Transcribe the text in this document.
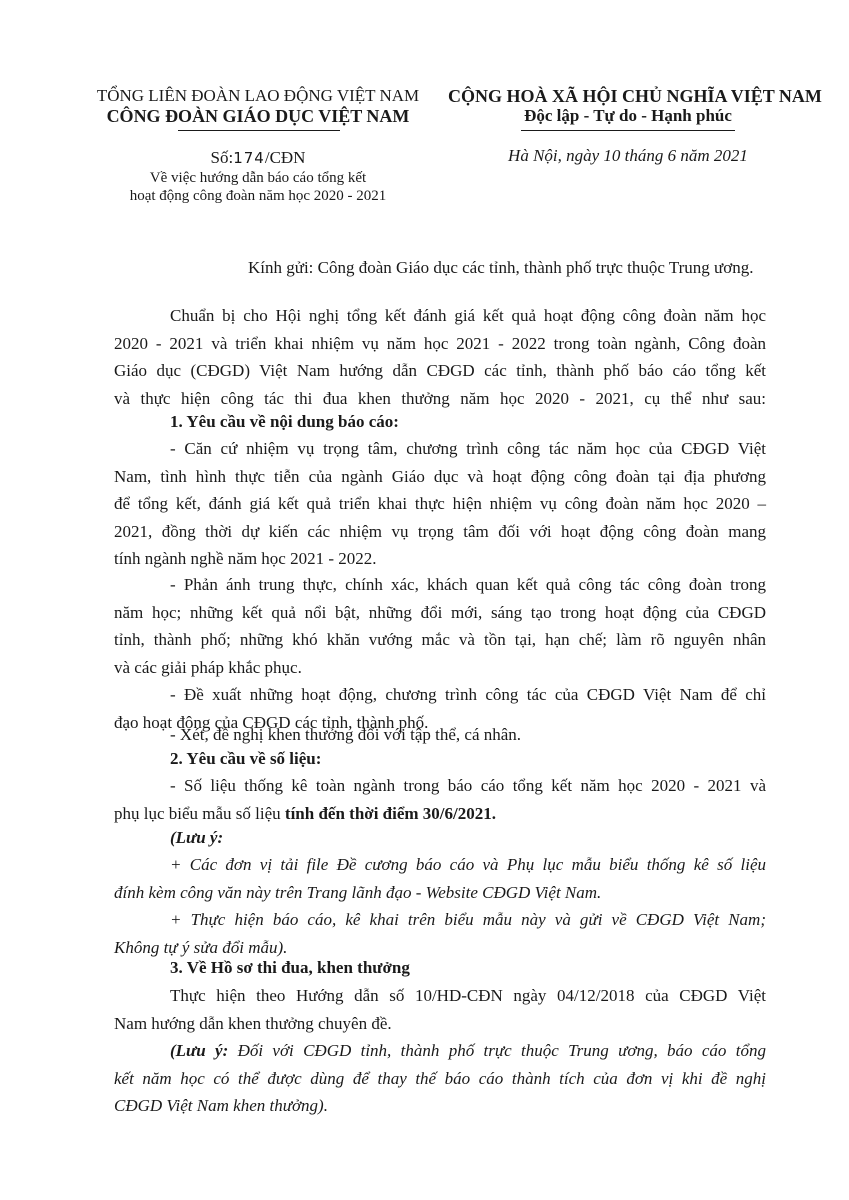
TỔNG LIÊN ĐOÀN LAO ĐỘNG VIỆT NAM
CÔNG ĐOÀN GIÁO DỤC VIỆT NAM
CỘNG HOÀ XÃ HỘI CHỦ NGHĨA VIỆT NAM
Độc lập - Tự do - Hạnh phúc
Số:174/CĐN
Về việc hướng dẫn báo cáo tổng kết
hoạt động công đoàn năm học 2020 - 2021
Hà Nội, ngày 10 tháng 6 năm 2021
Kính gửi: Công đoàn Giáo dục các tỉnh, thành phố trực thuộc Trung ương.
Chuẩn bị cho Hội nghị tổng kết đánh giá kết quả hoạt động công đoàn năm học
2020 - 2021 và triển khai nhiệm vụ năm học 2021 - 2022 trong toàn ngành, Công đoàn
Giáo dục (CĐGD) Việt Nam hướng dẫn CĐGD các tỉnh, thành phố báo cáo tổng kết
và thực hiện công tác thi đua khen thưởng năm học 2020 - 2021, cụ thể như sau:
1. Yêu cầu về nội dung báo cáo:
- Căn cứ nhiệm vụ trọng tâm, chương trình công tác năm học của CĐGD Việt
Nam, tình hình thực tiễn của ngành Giáo dục và hoạt động công đoàn tại địa phương
để tổng kết, đánh giá kết quả triển khai thực hiện nhiệm vụ công đoàn năm học 2020 –
2021, đồng thời dự kiến các nhiệm vụ trọng tâm đối với hoạt động công đoàn mang
tính ngành nghề năm học 2021 - 2022.
- Phản ánh trung thực, chính xác, khách quan kết quả công tác công đoàn trong
năm học; những kết quả nổi bật, những đổi mới, sáng tạo trong hoạt động của CĐGD
tỉnh, thành phố; những khó khăn vướng mắc và tồn tại, hạn chế; làm rõ nguyên nhân
và các giải pháp khắc phục.
- Đề xuất những hoạt động, chương trình công tác của CĐGD Việt Nam để chỉ
đạo hoạt động của CĐGD các tỉnh, thành phố.
- Xét, đề nghị khen thưởng đối với tập thể, cá nhân.
2. Yêu cầu về số liệu:
- Số liệu thống kê toàn ngành trong báo cáo tổng kết năm học 2020 - 2021 và
phụ lục biểu mẫu số liệu tính đến thời điểm 30/6/2021.
(Lưu ý:
+ Các đơn vị tải file Đề cương báo cáo và Phụ lục mẫu biểu thống kê số liệu
đính kèm công văn này trên Trang lãnh đạo - Website CĐGD Việt Nam.
+ Thực hiện báo cáo, kê khai trên biểu mẫu này và gửi về CĐGD Việt Nam;
Không tự ý sửa đổi mẫu).
3. Về Hồ sơ thi đua, khen thưởng
Thực hiện theo Hướng dẫn số 10/HD-CĐN ngày 04/12/2018 của CĐGD Việt
Nam hướng dẫn khen thưởng chuyên đề.
(Lưu ý: Đối với CĐGD tỉnh, thành phố trực thuộc Trung ương, báo cáo tổng
kết năm học có thể được dùng để thay thế báo cáo thành tích của đơn vị khi đề nghị
CĐGD Việt Nam khen thưởng).
